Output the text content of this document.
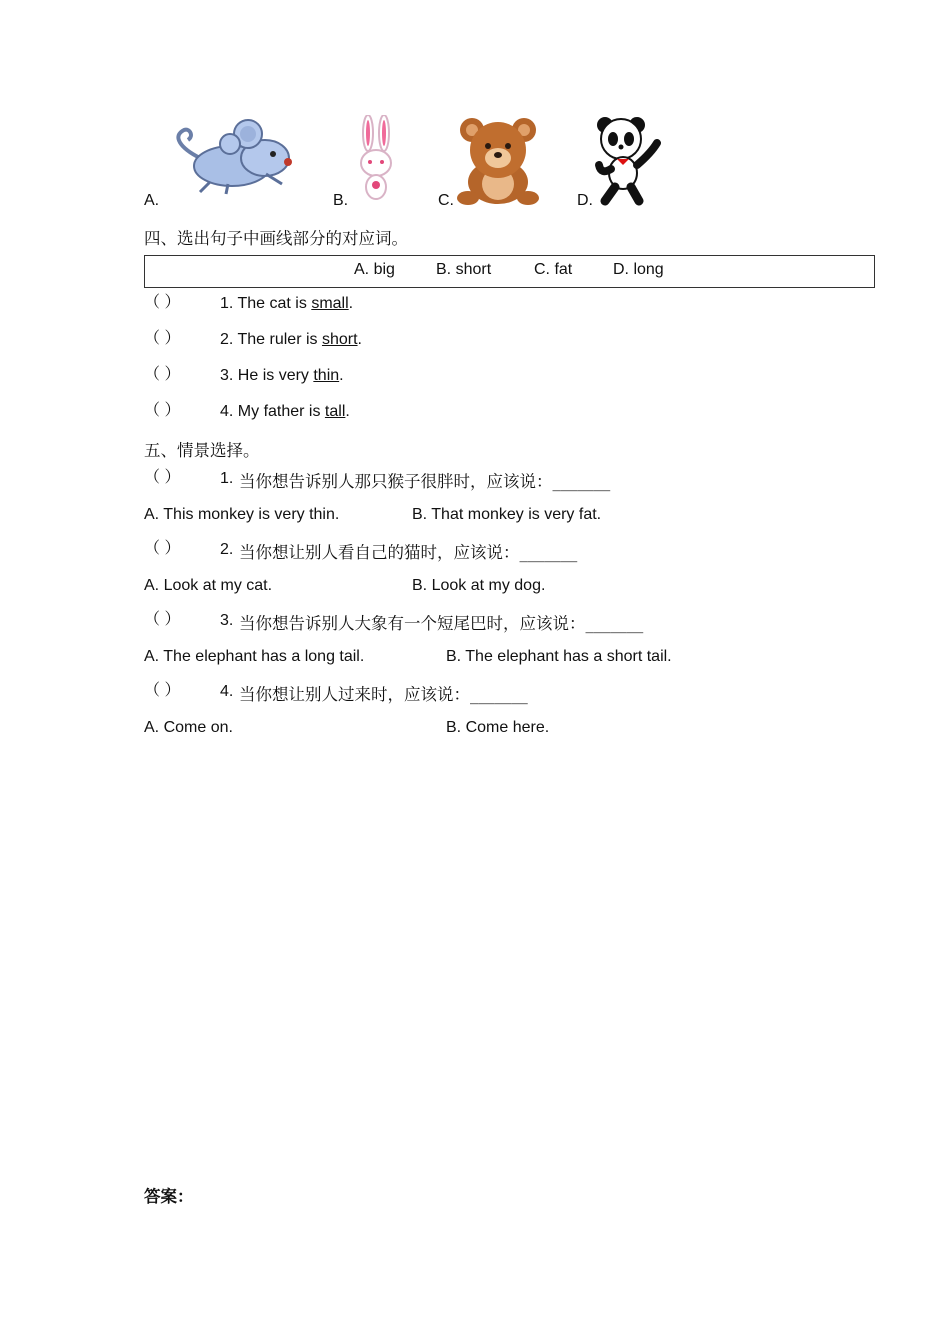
A.	B.	C.	D.
四、选出句子中画线部分的对应词。
A. big	B. short	C. fat	D. long
（ ） 1. The cat is small.
（ ） 2. The ruler is short.
（ ） 3. He is very thin.
（ ） 4. My father is tall.
五、情景选择。
（ ） 1. 当你想告诉别人那只猴子很胖时，应该说：_______
A. This monkey is very thin.	B. That monkey is very fat.
（ ） 2. 当你想让别人看自己的猫时，应该说：_______
A. Look at my cat.	B. Look at my dog.
（ ） 3. 当你想告诉别人大象有一个短尾巴时，应该说：_______
A. The elephant has a long tail.	B. The elephant has a short tail.
（ ） 4. 当你想让别人过来时，应该说：_______
A. Come on.	B. Come here.
答案：
